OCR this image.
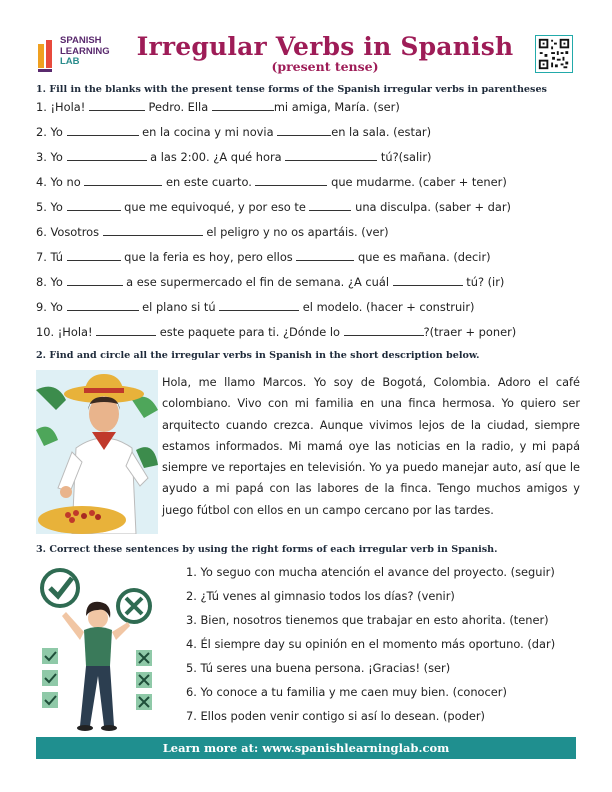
SPANISH
LEARNING
LAB
Irregular Verbs in Spanish
(present tense)
1. Fill in the blanks with the present tense forms of the Spanish irregular verbs in parentheses
1. ¡Hola!	Pedro. Ella	mi amiga, María. (ser)
2. Yo	en la cocina y mi novia	en la sala. (estar)
3. Yo	a las 2:00. ¿A qué hora	tú?(salir)
4. Yo no	en este cuarto.	que mudarme. (caber + tener)
5. Yo	que me equivoqué, y por eso te	una disculpa. (saber + dar)
6. Vosotros	el peligro y no os apartáis. (ver)
7. Tú	que la feria es hoy, pero ellos	que es mañana. (decir)
8. Yo	a ese supermercado el fin de semana. ¿A cuál	tú? (ir)
9. Yo	el plano si tú	el modelo. (hacer + construir)
10. ¡Hola!	este paquete para ti. ¿Dónde lo	?(traer + poner)
2. Find and circle all the irregular verbs in Spanish in the short description below.
Hola, me llamo Marcos. Yo soy de Bogotá, Colombia. Adoro el café colombiano. Vivo con mi familia en una finca hermosa. Yo quiero ser arquitecto cuando crezca. Aunque vivimos lejos de la ciudad, siempre estamos informados. Mi mamá oye las noticias en la radio, y mi papá siempre ve reportajes en televisión. Yo ya puedo manejar auto, así que le ayudo a mi papá con las labores de la finca. Tengo muchos amigos y juego fútbol con ellos en un campo cercano por las tardes.
3. Correct these sentences by using the right forms of each irregular verb in Spanish.
1. Yo seguo con mucha atención el avance del proyecto. (seguir)
2. ¿Tú venes al gimnasio todos los días? (venir)
3. Bien, nosotros tienemos que trabajar en esto ahorita. (tener)
4. Él siempre day su opinión en el momento más oportuno. (dar)
5. Tú seres una buena persona. ¡Gracias! (ser)
6. Yo conoce a tu familia y me caen muy bien. (conocer)
7. Ellos poden venir contigo si así lo desean. (poder)
Learn more at: www.spanishlearninglab.com
